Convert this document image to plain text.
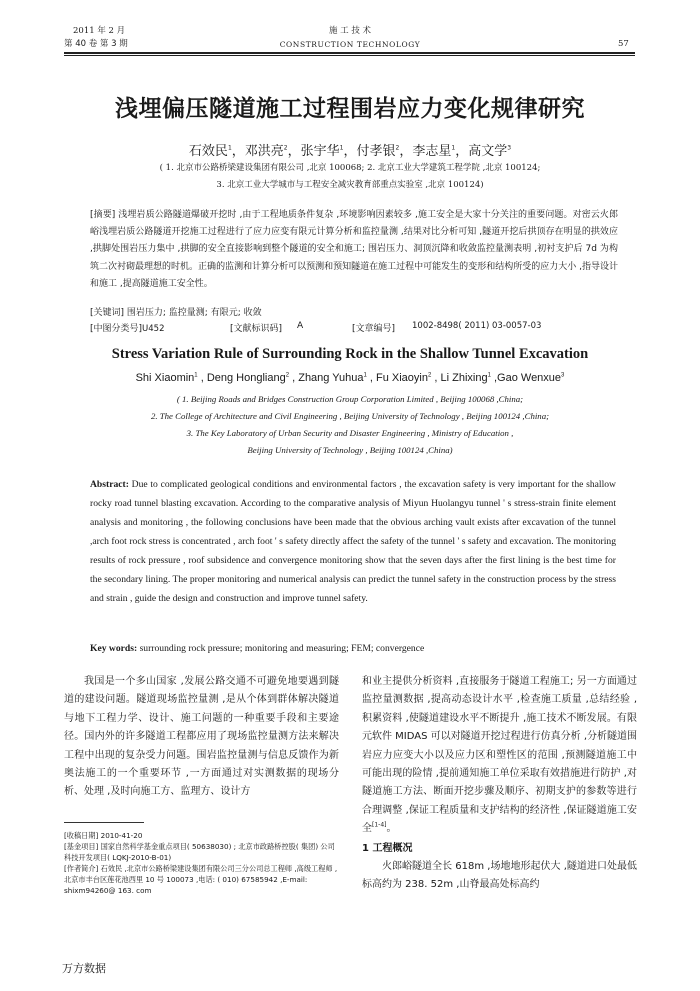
2011 年 2 月
第 40 卷 第 3 期
施 工 技 术
CONSTRUCTION TECHNOLOGY	57
浅埋偏压隧道施工过程围岩应力变化规律研究
石效民$^1$，邓洪亮$^2$，张宇华$^1$，付孝银$^2$，李志星$^1$，高文学$^3$
( 1. 北京市公路桥梁建设集团有限公司 ,北京 100068; 2. 北京工业大学建筑工程学院 ,北京 100124;
3. 北京工业大学城市与工程安全减灾教育部重点实验室 ,北京 100124)
[摘要] 浅埋岩质公路隧道爆破开挖时 ,由于工程地质条件复杂 ,环境影响因素较多 ,施工安全是大家十分关注的重要问题。对密云火郎峪浅埋岩质公路隧道开挖施工过程进行了应力应变有限元计算分析和监控量测 ,结果对比分析可知 ,隧道开挖后拱顶存在明显的拱效应 ,拱脚处围岩压力集中 ,拱脚的安全直接影响到整个隧道的安全和施工; 围岩压力、洞顶沉降和收敛监控量测表明 ,初衬支护后 7d 为构筑二次衬砌最理想的时机。正确的监测和计算分析可以预测和预知隧道在施工过程中可能发生的变形和结构所受的应力大小 ,指导设计和施工 ,提高隧道施工安全性。
[关键词] 围岩压力; 监控量测; 有限元; 收敛
[中图分类号]U452	[文献标识码] A	[文章编号] 1002-8498( 2011) 03-0057-03
Stress Variation Rule of Surrounding Rock in the Shallow Tunnel Excavation
Shi Xiaomin$^1$ , Deng Hongliang$^2$ , Zhang Yuhua$^1$ , Fu Xiaoyin$^2$ , Li Zhixing$^1$ ,Gao Wenxue$^3$
( 1. Beijing Roads and Bridges Construction Group Corporation Limited , Beijing 100068 ,China;
2. The College of Architecture and Civil Engineering , Beijing University of Technology , Beijing 100124 ,China;
3. The Key Laboratory of Urban Security and Disaster Engineering , Ministry of Education ,
Beijing University of Technology , Beijing 100124 ,China)
Abstract: Due to complicated geological conditions and environmental factors , the excavation safety is very important for the shallow rocky road tunnel blasting excavation. According to the comparative analysis of Miyun Huolangyu tunnel ' s stress-strain finite element analysis and monitoring , the following conclusions have been made that the obvious arching vault exists after excavation of the tunnel ,arch foot rock stress is concentrated , arch foot ' s safety directly affect the safety of the tunnel ' s safety and excavation. The monitoring results of rock pressure , roof subsidence and convergence monitoring show that the seven days after the first lining is the best time for the secondary lining. The proper monitoring and numerical analysis can predict the tunnel safety in the construction process by the stress and strain , guide the design and construction and improve tunnel safety.
Key words: surrounding rock pressure; monitoring and measuring; FEM; convergence

我国是一个多山国家 ,发展公路交通不可避免地要遇到隧道的建设问题。隧道现场监控量测 ,是从个体到群体解决隧道与地下工程力学、设计、施工问题的一种重要手段和主要途径。国内外的许多隧道工程都应用了现场监控量测方法来解决工程中出现的复杂受力问题。围岩监控量测与信息反馈作为新奥法施工的一个重要环节 ,一方面通过对实测数据的现场分析、处理 ,及时向施工方、监理方、设计方

[收稿日期] 2010-41-20
[基金项目] 国家自然科学基金重点项目( 50638030) ; 北京市政路桥控股( 集团) 公司科技开发项目( LQKJ-2010-B-01)
[作者简介] 石效民 ,北京市公路桥梁建设集团有限公司三分公司总工程师 ,高级工程师 ,北京市丰台区莲花池西里 10 号 100073 ,电话: ( 010) 67585942 ,E-mail: shixm94260@ 163. com

和业主提供分析资料 ,直接服务于隧道工程施工; 另一方面通过监控量测数据 ,提高动态设计水平 ,检查施工质量 ,总结经验 ,积累资料 ,使隧道建设水平不断提升 ,施工技术不断发展。有限元软件 MIDAS 可以对隧道开挖过程进行仿真分析 ,分析隧道围岩应力应变大小以及应力区和塑性区的范围 ,预测隧道施工中可能出现的险情 ,提前通知施工单位采取有效措施进行防护 ,对隧道施工方法、断面开挖步骤及顺序、初期支护的参数等进行合理调整 ,保证工程质量和支护结构的经济性 ,保证隧道施工安全[1-4]。

1 工程概况

火郎峪隧道全长 618m ,场地地形起伏大 ,隧道进口处最低标高约为 238. 52m ,山脊最高处标高约

万方数据
